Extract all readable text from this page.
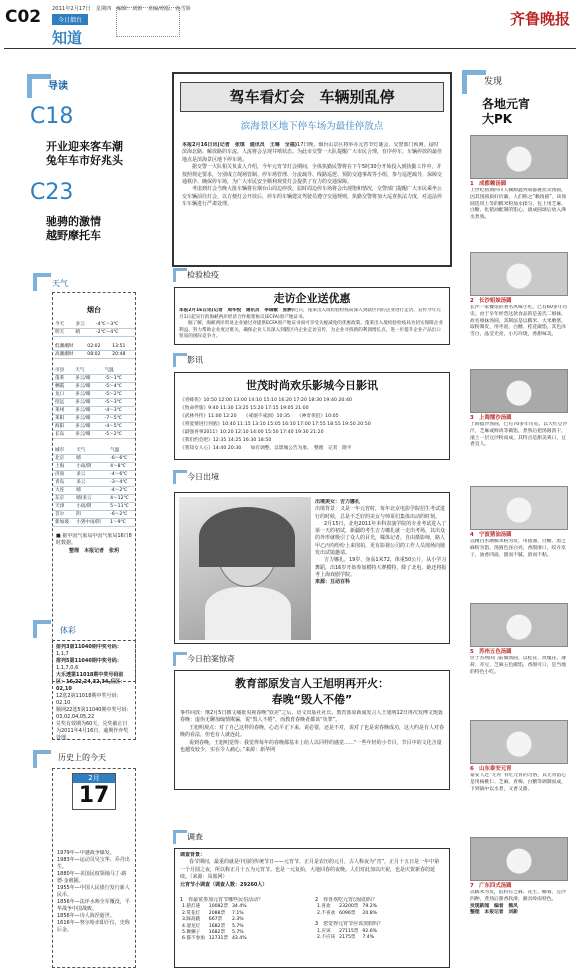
C02 2011年2月17日　星期四　编辑：刘新　美编/组版：孙雪娇
今日烟台
知道
齐鲁晚报
导读
C18
开业迎来客车潮
兔年车市好兆头
C23
驰骋的激情
越野摩托车
天气
烟台
今天	多云	-4℃～3℃
明天	晴	-2℃～4℃
低潮潮时	02:02	13:51
高潮潮时	08:02	20:48
市县	天气	气温
蓬莱	多云/晴	-5～1℃
栖霞	多云/晴	-5～4℃
龙口	多云/晴	-5～2℃
招远	多云/晴	-5～3℃
莱州	多云/晴	-4～3℃
莱阳	多云/晴	-7～5℃
海阳	多云/晴	-4～5℃
长岛	多云/晴	-5～2℃
城市	天气	气温
北京	晴	-6～6℃
上海	小雨/阴	4～8℃
济南	多云	-4～6℃
青岛	多云	-3～4℃
大连	晴	-4～2℃
东京	晴/多云	4～12℃
天津	小雨/阴	5～11℃
首尔	阴	-6～2℃
新加坡	小到中雨/阴	1～9℃
■ 据中国气象局中国气象局16日8时数据。
整理　本报记者　张玥
体彩
排列3第11040期中奖号码：
1,1,7
排列5第11040期中奖号码：
1,1,7,0,6
大乐透第11018期中奖号码前区：16,22,24,32,34,后区：02,10
12选2第11018期中奖号码：02,10
顺网22选5第11040期中奖号码：03,02,04,05,22
兑奖有效期为60天，兑奖截止日为2011年4月16日，逾期作弃奖处理。
历史上的今天
2月
17
1979年—中越战争爆发。
1983年—运动员吴宝华、乔丹出生。
1880年—美国民权领袖马丁·路德·金被捕。
1955年—中国人民银行发行新人民币。
1856年—法评水师全军覆没，平华战争中国战败。
1856年—诗人海涅逝世。
1616年—努尔哈赤即汗位，史称后金。
驾车看灯会　车辆别乱停
滨海景区地下停车场为最佳停放点
本报2月16日讯(记者　张琪　通讯员　王琳　全福)17日晚，烟台山景区将举办元宵节灯谜会，交警部门预测，届时滨海北路、解放路的车流、人流将会呈现井喷状态。为此市交警一大队提醒广大市民合理，有序停车，车辆停放的最佳地点是滨海景区地下停车场。
据交警一大队相关负责人介绍，今年元宵节灯会期间，全体执勤民警将在下午5时30分开始投入到执勤工作中，并按照规定要求，分别成立现场管制、停车场管理、分流疏导、线路巡逻、预防交通事故等小组，参与巡逻疏导，保障交通秩序、确保停车场，为广大市民安全顺利观赏灯会提供了有力的交通保障。
考虑到灯会当晚大批车辆将在烟台山周边停放，届时周边停车场将会出现饱和情况，交警部门提醒广大市民乘坐公交车辆前往灯会，以方便灯会开放后，停车的车辆建议驾驶员遵守交通规则，执勤交警将加大巡查执法力度，对违法停车车辆进行严肃处理。
检验检疫
走访企业送优惠
本报2月16日讯(记者　周华悦　通讯员　李瑞敏　张翀)近日，蓬莱出入境检验检疫局深入到辖区内的企业进行走访，宣传今年元月1日起实行的海峡两岸经济合作框架协议(ECFA)原产地证书。
据了解，海峡两岸贸易企业通过对提供ECFA原产地证书而可享受关税减免的优惠政策。蓬莱出入境检验检疫局为切实保障企业利益，努力帮助企业度过难关，确保企业人员深入到辖区内企业走访宣传，为企业寻找新的利润增长点，进一步提升企业产品出口贸易的国际竞争力。
影讯
世茂时尚欢乐影城今日影讯
《青蜂侠》10:50 12:00 13:00 14:10 15:10 16:20 17:20 18:30 19:40 20:40
《致命伴旅》9:40 11:30 13:25 15:20 17:15 19:05 21:00
《武林外传》11:00 12:20　　《戒烟不戒酒》10:35　　《神奇侠侣》10:05
《将爱情进行到底》10:40 11:15 13:10 15:05 16:10 17:00 17:55 18:55 19:50 20:50
《最强喜事2011》10:20 12:10 14:00 15:50 17:40 19:30 21:20
《我们约会吧》12:35 14:25 16:30 18:50
《我知女人心》14:40 20:30　　如有调整，以影城公告为准。　整理　记者　隋平
今日出境
出境美女：吉力娜扎
出境背景：又是一年元宵时，每年北京电影学院招生考试进行的时候，总是不乏好的美女与帅哥们集体出动的时刻。
2月15日，北电2011年本科表演学院的专业考试进入了第一天的初试，新疆的考生吉力娜扎就一走出考场，其出众的外形就吸引了众人的目光，媒体记者，自由摄影师，路人甲乙丙均纷纷上来围拍，更有影视公司的工作人员现场向她发出试镜邀请。
吉力娜扎，19岁，身高1米72，体重50公斤，从小学习舞蹈，出16岁开始参加模特大赛模特，除了北电，她还将报考上海戏剧学院。
来源：互动百科
今日拍案惊奇
教育部原发言人王旭明再开火：
春晚“毁人不倦”
事件回放：继2月5日撰文痛批央视春晚“钦差”之后，语文出版社社长、教育部原新闻发言人王旭明12日再次发博文炮轰春晚：虚伪无聊加煽情欺骗，说“毁人不倦”，而教育春晚者都该“负罪”。
王旭明观点：对了自己这样的春晚，心态平正下来，说必要，还是不对，说对了也是说春晚成功，这大约是有人对春晚的看法，但也有人就连此。
说到春晚，王旭明觉得：我觉得每年的春晚都基本上给人以同样的感觉……“一些年轻的小节目，节目中的文化含量也越发较少，实在令人痛心。”来源：新华网
调查
调查背景：
春节期间，最重的就是中国的传统节日——元宵节，正月是农历的元月，古人称夜为“宵”，正月十五日是一年中第一个月圆之夜，所以称正月十五为元宵节。也是一元复始，大地回春的夜晚。人们对此加以庆祝，也是庆贺新春的延续。（来源：凤凰网）
元宵节小调查（调查人数：29260人）
1　你最常参加元宵节哪些民俗活动？
1.猜灯谜	10082票	34.4%
2.赏花灯	2088票	7.1%
3.踩高跷	667票	2.3%
4.耍龙灯	1682票	5.7%
5.舞狮子	1682票	5.7%
6.都不参加	12731票	43.4%
2　你喜欢吃元宵(汤圆)吗？
1.喜欢	23200票	79.2%
2.不喜欢	6096票	20.8%
3　您觉得元宵节应该放假吗？
1.应该	27115票	92.6%
2.不应该	2175票	7.4%
发现
各地元宵
大PK
1　成都赖汤圆
上世纪初期四川人赖源鑫到成都挑担卖汤圆，因其汤圆质好价廉，人们称之“赖汤圆”。该汤圆选用上等的糯米粉加水揉匀，包上用芝麻、白糖、化猪油配制的馅心，滚成圆球后放入沸水煮熟。
2　长沙姐妹汤圆
长沙一家餐馆的著名风味小吃，已有60多年历史。由于早年经营这款食品的是姜氏二姐妹，故名姐妹汤圆。其制法是以糯米、大米磨浆，取粉制皮，用枣泥、白糖、桂花做馅，其色泽雪白，晶莹光亮，小巧玲珑，香甜味美。
3　上海擂沙汤圆
上海擂沙汤圆，已有70多年历史。以大红豆沙汁，芝麻或鲜肉等做馅，煮熟后把汤圆沥干，滚上一层豆沙粉而成。其特点是甜美爽口，豆香宜人。
4　宁波猪油汤圆
以精白水磨糯米粉为皮，用猪油、白糖、黑芝麻粉为馅，汤圆色泽白亮，香甜滑口，咬开皮子，油香四溢，甜而不腻，滑而不粘。
5　苏州五色汤圆
位于苏州的门前做汤圆，以桂花、玫瑰花、薄荷、赤豆、芝麻五色做馅，香甜可口，是当地的特色小吃。
6　山东泰安元宵
泰安人过“元宵”有吃元宵的习俗，其元宵馅心是用核桃仁、芝麻、青梅、白糖等调制而成，下到锅中以水煮，又香又甜。
7　广东四式汤圆
以糯米为皮，馅料有芝麻、花生、椰蓉、豆沙四种，煮熟后甜香软滑，颇具岭南特色。
发现新闻　编者　熊风
整理　本报记者　刘新
